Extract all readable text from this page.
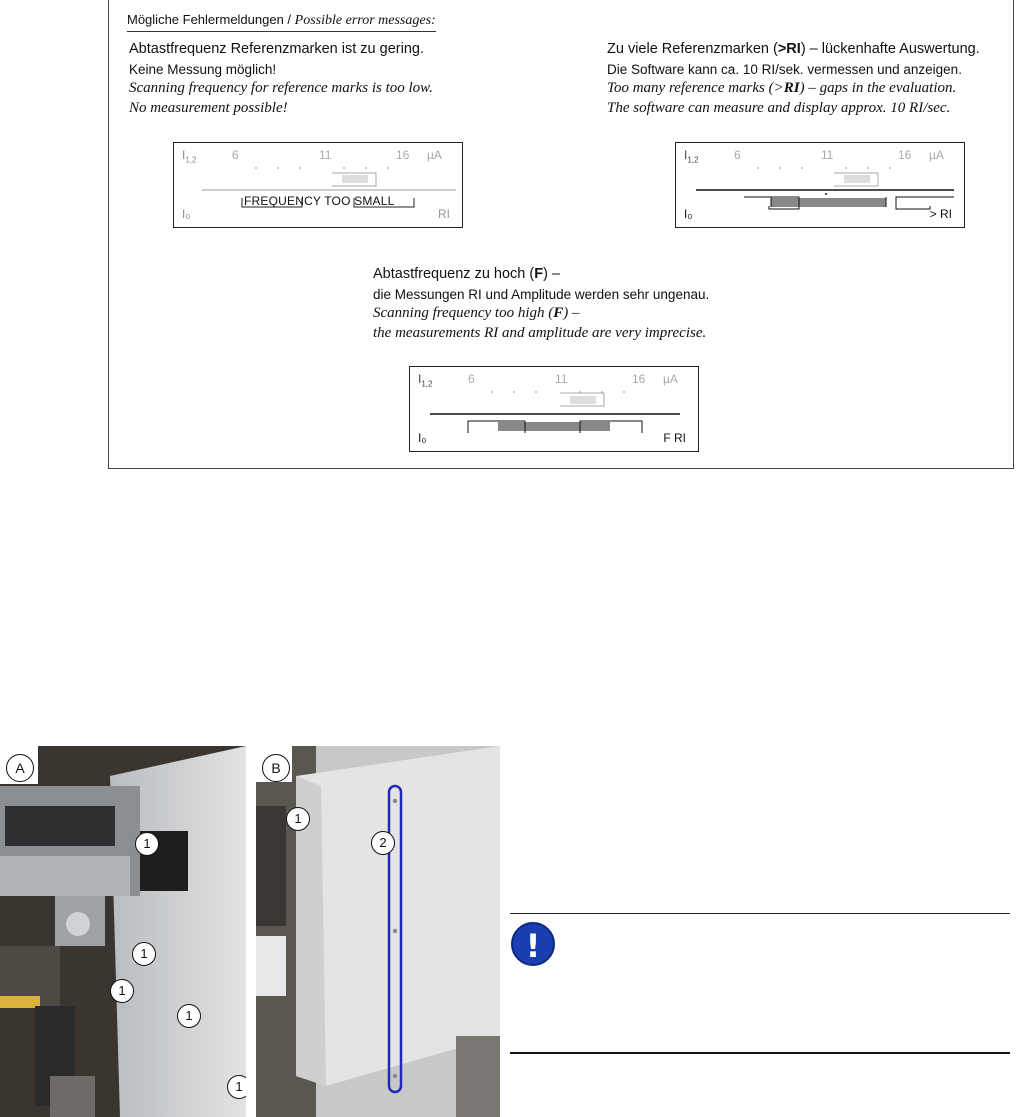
Mögliche Fehlermeldungen / Possible error messages:
Abtastfrequenz Referenzmarken ist zu gering.
Keine Messung möglich!
Scanning frequency for reference marks is too low.
No measurement possible!
Zu viele Referenzmarken (>RI) – lückenhafte Auswertung.
Die Software kann ca. 10 RI/sek. vermessen und anzeigen.
Too many reference marks (>RI) – gaps in the evaluation.
The software can measure and display approx. 10 RI/sec.
Abtastfrequenz zu hoch (F) –
die Messungen RI und Amplitude werden sehr ungenau.
Scanning frequency too high (F) –
the measurements RI and amplitude are very imprecise.
$I_{1,2}$	6	11	16 µA
FREQUENCY TOO SMALL
I₀	RI
$I_{1,2}$	6	11	16 µA
I₀	> RI
$I_{1,2}$	6	11	16 µA
I₀	F RI
A
1
1
1
1
1
B
1
2
!
